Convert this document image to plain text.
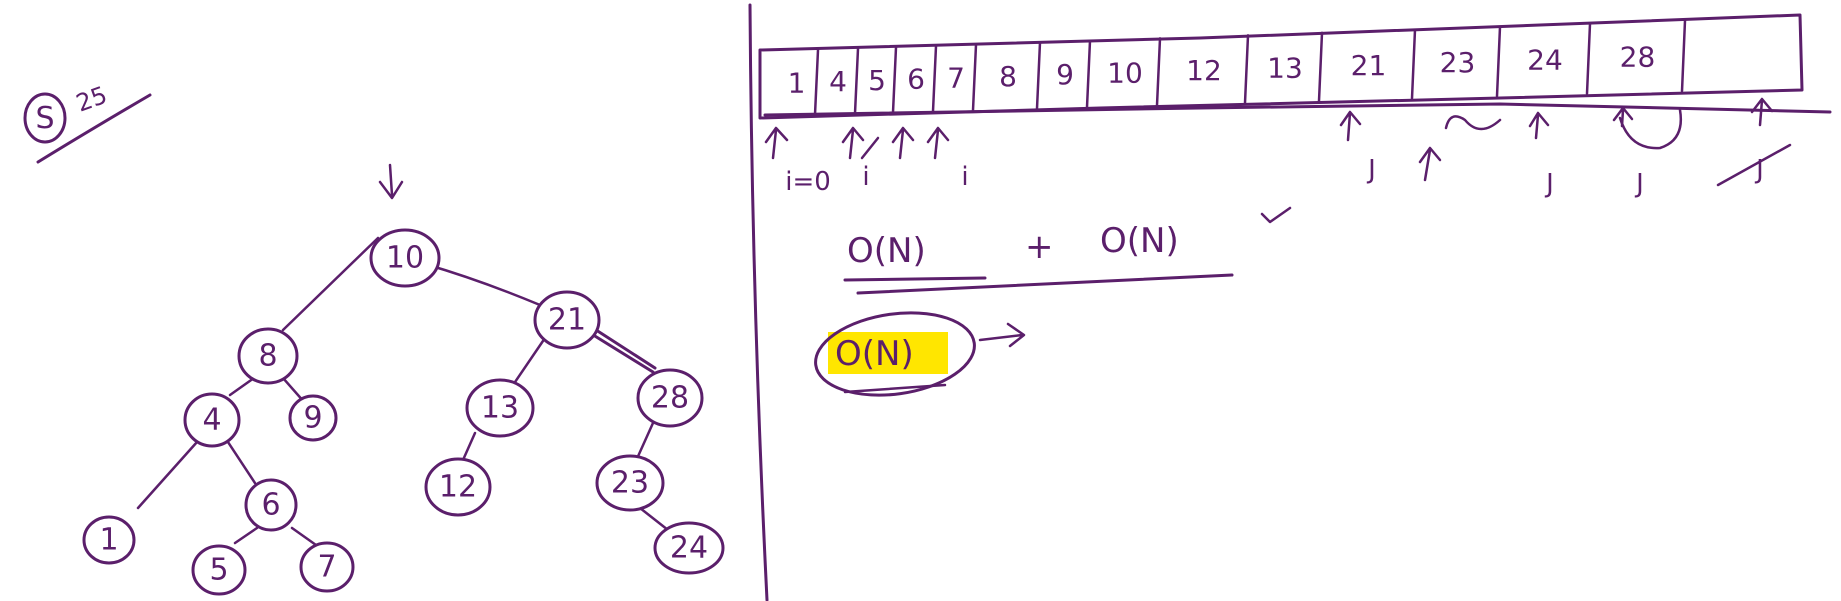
S
25
10
8
21
4	9	13	28
1
6
12	23
5	7
24
1 4 5 6 7 8 9 10 12 13 21 23 24 28
i=0 i	i	J	J	J	J
O(N)	+ O(N)
O(N)
